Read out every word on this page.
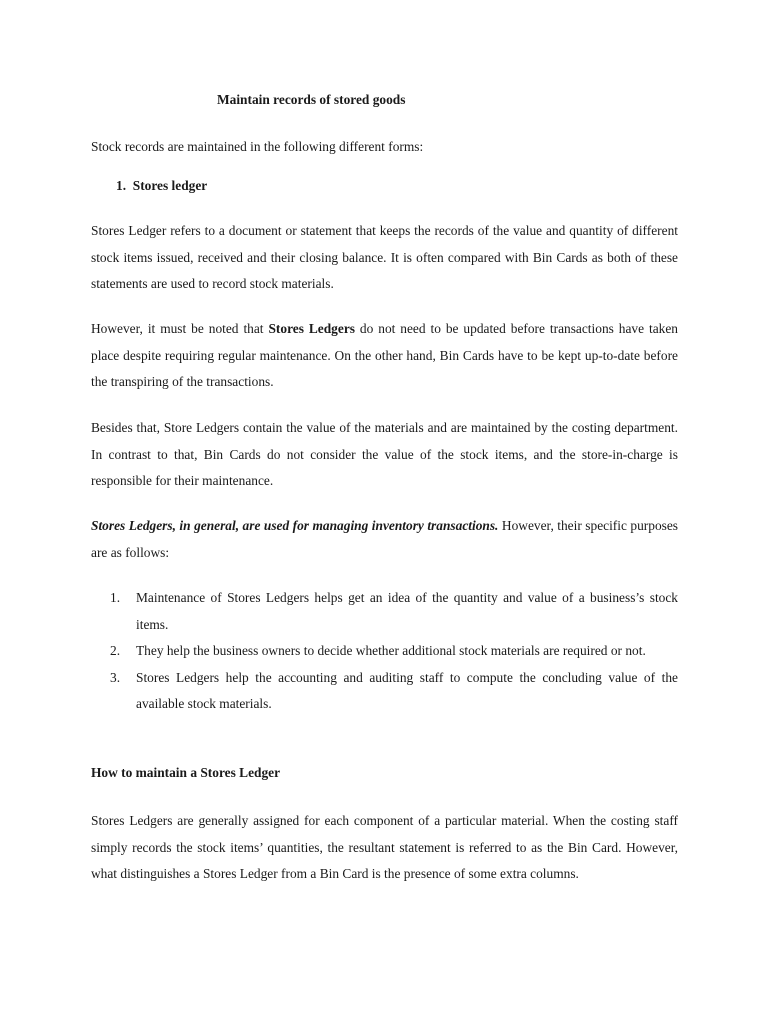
Maintain records of stored goods

Stock records are maintained in the following different forms:

1. Stores ledger

Stores Ledger refers to a document or statement that keeps the records of the value and quantity of different stock items issued, received and their closing balance. It is often compared with Bin Cards as both of these statements are used to record stock materials.

However, it must be noted that Stores Ledgers do not need to be updated before transactions have taken place despite requiring regular maintenance. On the other hand, Bin Cards have to be kept up-to-date before the transpiring of the transactions.

Besides that, Store Ledgers contain the value of the materials and are maintained by the costing department. In contrast to that, Bin Cards do not consider the value of the stock items, and the store-in-charge is responsible for their maintenance.

Stores Ledgers, in general, are used for managing inventory transactions. However, their specific purposes are as follows:

1.	Maintenance of Stores Ledgers helps get an idea of the quantity and value of a business’s stock items.
2.	They help the business owners to decide whether additional stock materials are required or not.
3.	Stores Ledgers help the accounting and auditing staff to compute the concluding value of the available stock materials.

How to maintain a Stores Ledger

Stores Ledgers are generally assigned for each component of a particular material. When the costing staff simply records the stock items’ quantities, the resultant statement is referred to as the Bin Card. However, what distinguishes a Stores Ledger from a Bin Card is the presence of some extra columns.
